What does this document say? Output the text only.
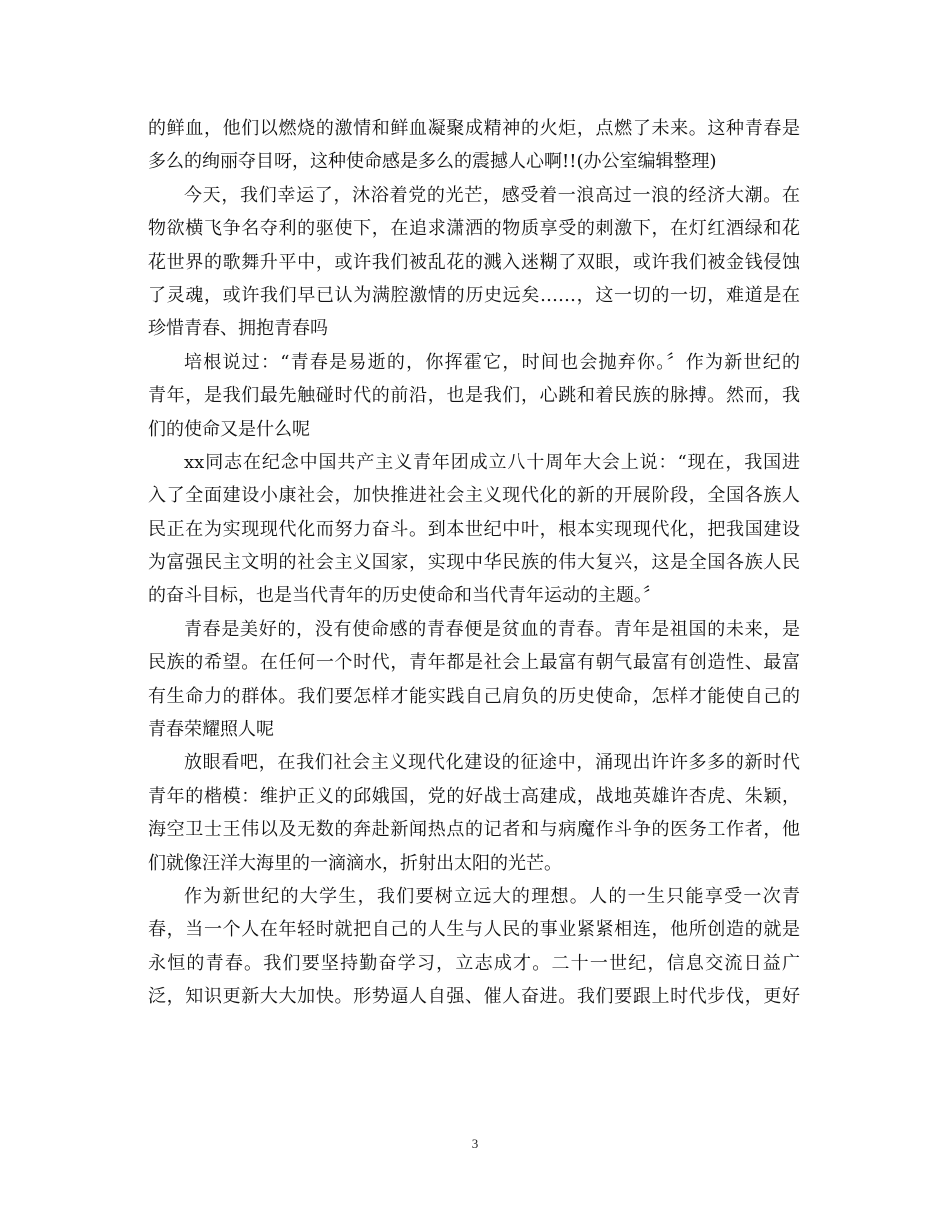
的鲜血，他们以燃烧的激情和鲜血凝聚成精神的火炬，点燃了未来。这种青春是
多么的绚丽夺目呀，这种使命感是多么的震撼人心啊!!(办公室编辑整理)
今天，我们幸运了，沐浴着党的光芒，感受着一浪高过一浪的经济大潮。在
物欲横飞争名夺利的驱使下，在追求潇洒的物质享受的刺激下，在灯红酒绿和花
花世界的歌舞升平中，或许我们被乱花的溅入迷糊了双眼，或许我们被金钱侵蚀
了灵魂，或许我们早已认为满腔激情的历史远矣……，这一切的一切，难道是在
珍惜青春、拥抱青春吗
培根说过：“青春是易逝的，你挥霍它，时间也会抛弃你。〞作为新世纪的
青年，是我们最先触碰时代的前沿，也是我们，心跳和着民族的脉搏。然而，我
们的使命又是什么呢
xx同志在纪念中国共产主义青年团成立八十周年大会上说：“现在，我国进
入了全面建设小康社会，加快推进社会主义现代化的新的开展阶段，全国各族人
民正在为实现现代化而努力奋斗。到本世纪中叶，根本实现现代化，把我国建设
为富强民主文明的社会主义国家，实现中华民族的伟大复兴，这是全国各族人民
的奋斗目标，也是当代青年的历史使命和当代青年运动的主题。〞
青春是美好的，没有使命感的青春便是贫血的青春。青年是祖国的未来，是
民族的希望。在任何一个时代，青年都是社会上最富有朝气最富有创造性、最富
有生命力的群体。我们要怎样才能实践自己肩负的历史使命，怎样才能使自己的
青春荣耀照人呢
放眼看吧，在我们社会主义现代化建设的征途中，涌现出许许多多的新时代
青年的楷模：维护正义的邱娥国，党的好战士高建成，战地英雄许杏虎、朱颖，
海空卫士王伟以及无数的奔赴新闻热点的记者和与病魔作斗争的医务工作者，他
们就像汪洋大海里的一滴滴水，折射出太阳的光芒。
作为新世纪的大学生，我们要树立远大的理想。人的一生只能享受一次青
春，当一个人在年轻时就把自己的人生与人民的事业紧紧相连，他所创造的就是
永恒的青春。我们要坚持勤奋学习，立志成才。二十一世纪，信息交流日益广
泛，知识更新大大加快。形势逼人自强、催人奋进。我们要跟上时代步伐，更好
3
